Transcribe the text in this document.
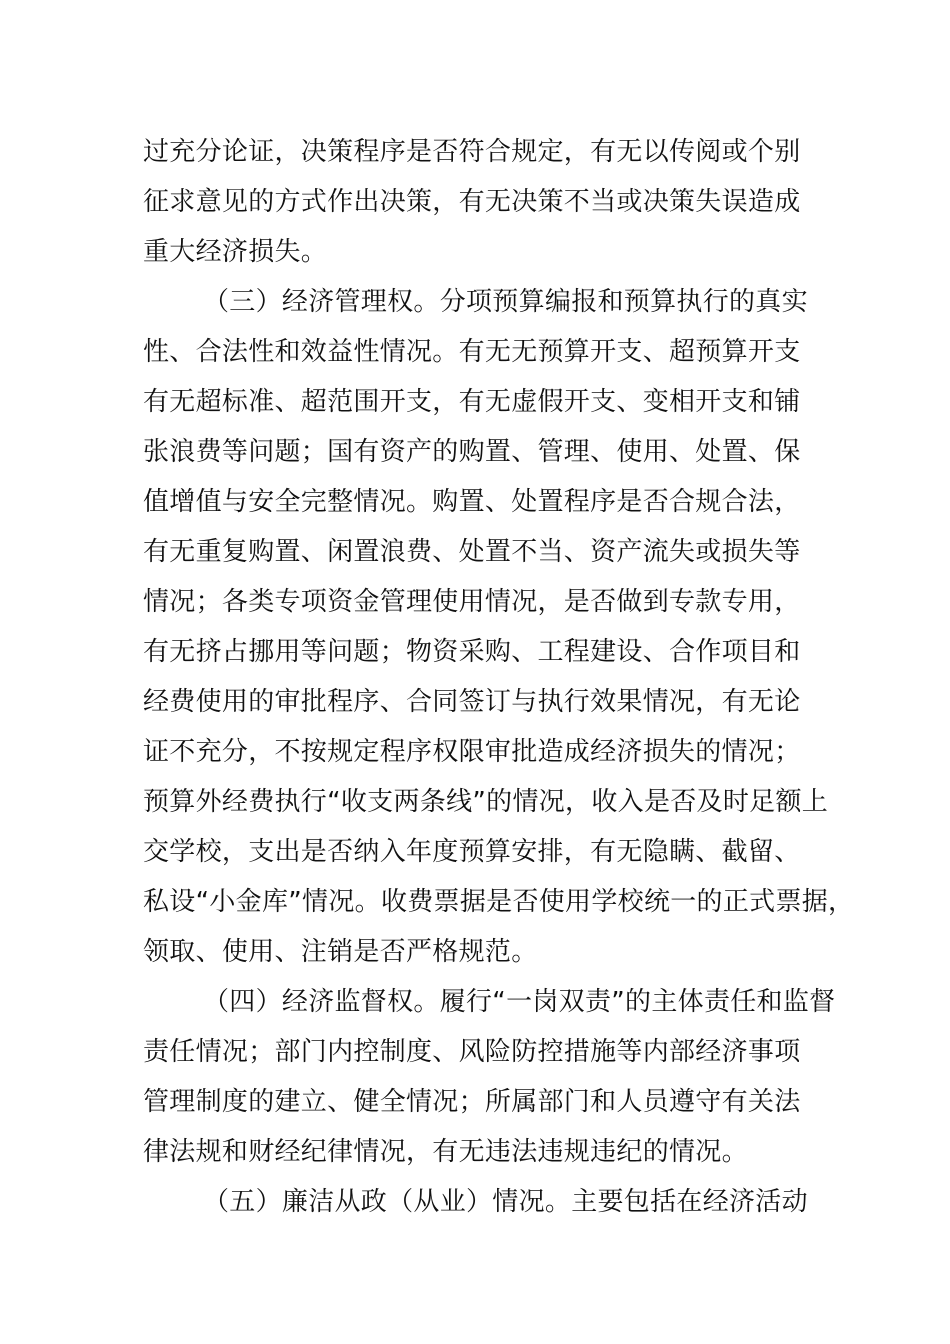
过充分论证，决策程序是否符合规定，有无以传阅或个别
征求意见的方式作出决策，有无决策不当或决策失误造成
重大经济损失。
（三）经济管理权。分项预算编报和预算执行的真实
性、合法性和效益性情况。有无无预算开支、超预算开支
有无超标准、超范围开支，有无虚假开支、变相开支和铺
张浪费等问题；国有资产的购置、管理、使用、处置、保
值增值与安全完整情况。购置、处置程序是否合规合法，
有无重复购置、闲置浪费、处置不当、资产流失或损失等
情况；各类专项资金管理使用情况，是否做到专款专用，
有无挤占挪用等问题；物资采购、工程建设、合作项目和
经费使用的审批程序、合同签订与执行效果情况，有无论
证不充分，不按规定程序权限审批造成经济损失的情况；
预算外经费执行“收支两条线”的情况，收入是否及时足额上
交学校，支出是否纳入年度预算安排，有无隐瞒、截留、
私设“小金库”情况。收费票据是否使用学校统一的正式票据，
领取、使用、注销是否严格规范。
（四）经济监督权。履行“一岗双责”的主体责任和监督
责任情况；部门内控制度、风险防控措施等内部经济事项
管理制度的建立、健全情况；所属部门和人员遵守有关法
律法规和财经纪律情况，有无违法违规违纪的情况。
（五）廉洁从政（从业）情况。主要包括在经济活动
